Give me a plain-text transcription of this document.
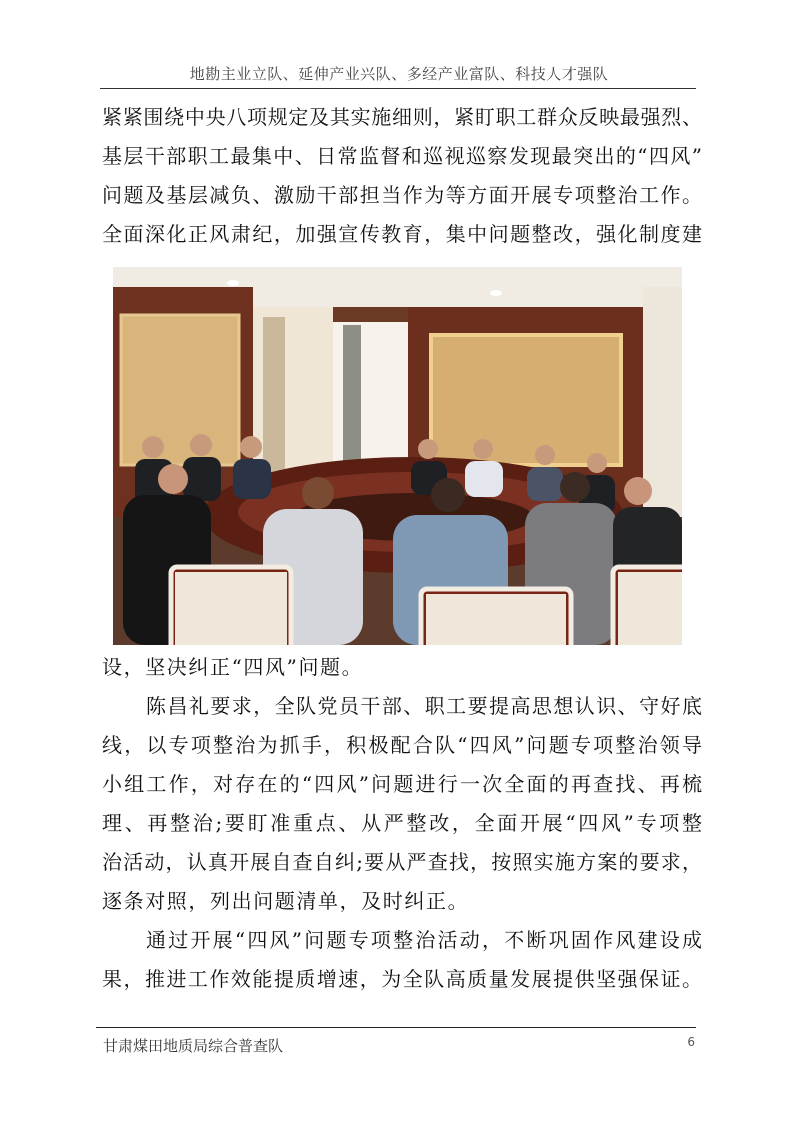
地勘主业立队、延伸产业兴队、多经产业富队、科技人才强队
紧紧围绕中央八项规定及其实施细则，紧盯职工群众反映最强烈、
基层干部职工最集中、日常监督和巡视巡察发现最突出的“四风”
问题及基层减负、激励干部担当作为等方面开展专项整治工作。
全面深化正风肃纪，加强宣传教育，集中问题整改，强化制度建
设，坚决纠正“四风”问题。
陈昌礼要求，全队党员干部、职工要提高思想认识、守好底
线，以专项整治为抓手，积极配合队“四风”问题专项整治领导
小组工作，对存在的“四风”问题进行一次全面的再查找、再梳
理、再整治;要盯准重点、从严整改，全面开展“四风”专项整
治活动，认真开展自查自纠;要从严查找，按照实施方案的要求，
逐条对照，列出问题清单，及时纠正。
通过开展“四风”问题专项整治活动，不断巩固作风建设成
果，推进工作效能提质增速，为全队高质量发展提供坚强保证。
甘肃煤田地质局综合普查队	6
